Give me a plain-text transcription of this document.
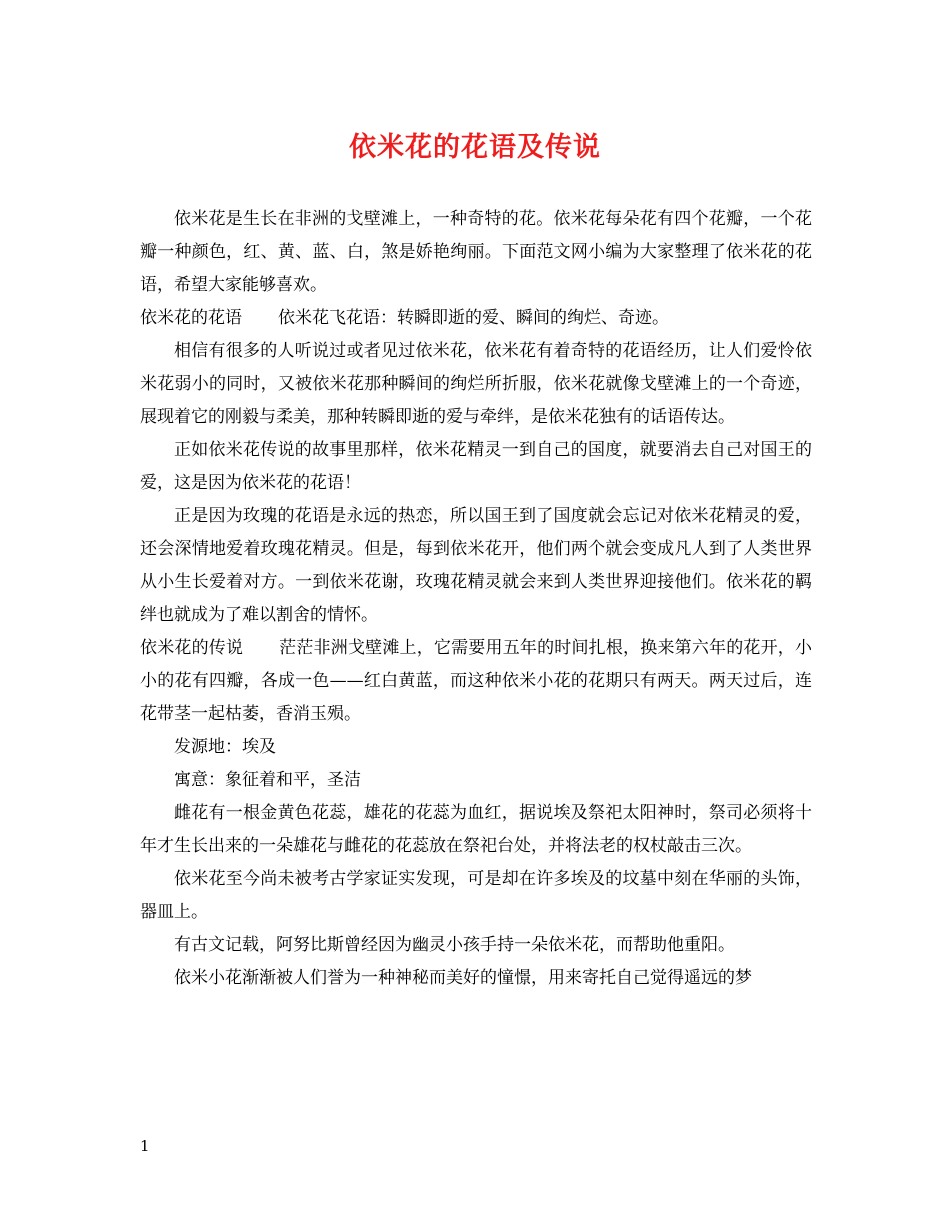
依米花的花语及传说

依米花是生长在非洲的戈壁滩上，一种奇特的花。依米花每朵花有四个花瓣，一个花瓣一种颜色，红、黄、蓝、白，煞是娇艳绚丽。下面范文网小编为大家整理了依米花的花语，希望大家能够喜欢。

依米花的花语 依米花飞花语：转瞬即逝的爱、瞬间的绚烂、奇迹。

相信有很多的人听说过或者见过依米花，依米花有着奇特的花语经历，让人们爱怜依米花弱小的同时，又被依米花那种瞬间的绚烂所折服，依米花就像戈壁滩上的一个奇迹，展现着它的刚毅与柔美，那种转瞬即逝的爱与牵绊，是依米花独有的话语传达。

正如依米花传说的故事里那样，依米花精灵一到自己的国度，就要消去自己对国王的爱，这是因为依米花的花语！

正是因为玫瑰的花语是永远的热恋，所以国王到了国度就会忘记对依米花精灵的爱，还会深情地爱着玫瑰花精灵。但是，每到依米花开，他们两个就会变成凡人到了人类世界从小生长爱着对方。一到依米花谢，玫瑰花精灵就会来到人类世界迎接他们。依米花的羁绊也就成为了难以割舍的情怀。

依米花的传说 茫茫非洲戈壁滩上，它需要用五年的时间扎根，换来第六年的花开，小小的花有四瓣，各成一色——红白黄蓝，而这种依米小花的花期只有两天。两天过后，连花带茎一起枯萎，香消玉殒。

发源地：埃及

寓意：象征着和平，圣洁

雌花有一根金黄色花蕊，雄花的花蕊为血红，据说埃及祭祀太阳神时，祭司必须将十年才生长出来的一朵雄花与雌花的花蕊放在祭祀台处，并将法老的权杖敲击三次。

依米花至今尚未被考古学家证实发现，可是却在许多埃及的坟墓中刻在华丽的头饰，器皿上。

有古文记载，阿努比斯曾经因为幽灵小孩手持一朵依米花，而帮助他重阳。

依米小花渐渐被人们誉为一种神秘而美好的憧憬，用来寄托自己觉得遥远的梦

1
